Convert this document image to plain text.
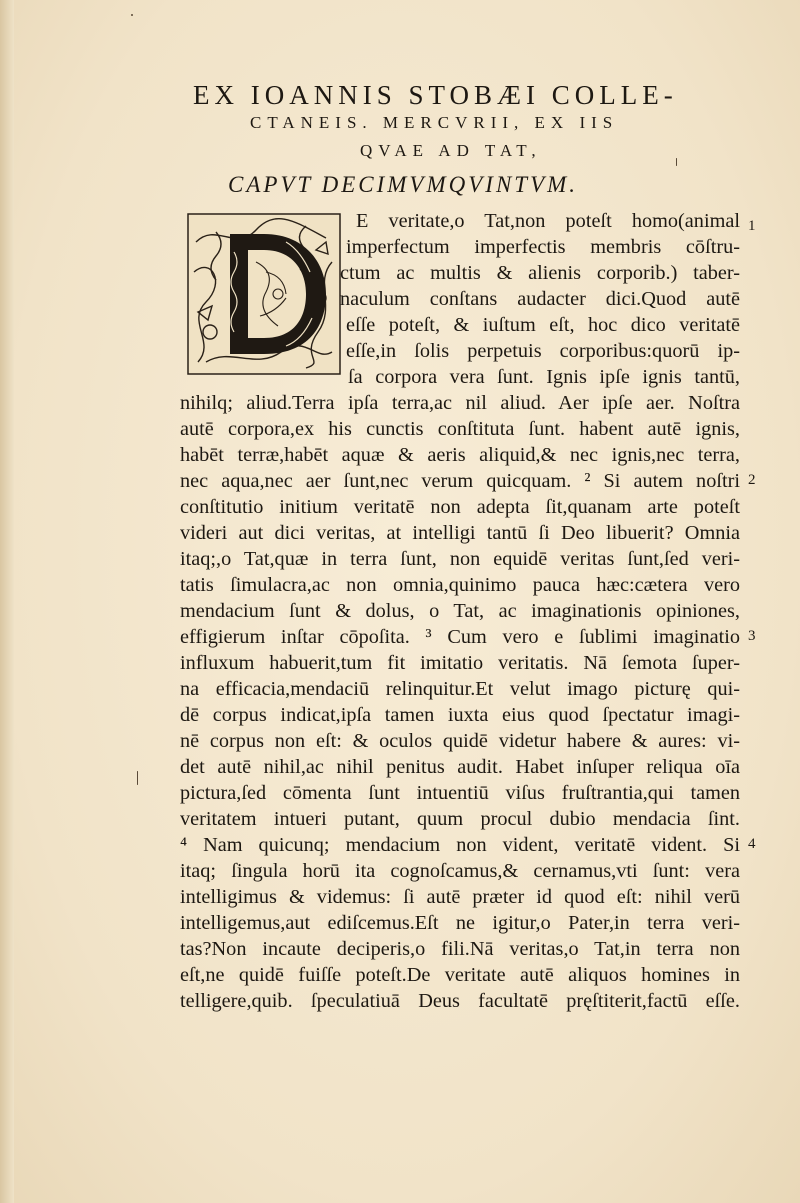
EX IOANNIS STOBÆI COLLE-
CTANEIS. MERCVRII, EX IIS
QVAE AD TAT,
CAPVT DECIMVMQVINTVM.
E veritate,o Tat,non poteſt homo(animal
imperfectum imperfectis membris cōſtru-
ctum ac multis & alienis corporib.) taber-
naculum conſtans audacter dici.Quod autē
eſſe poteſt, & iuſtum eſt, hoc dico veritatē
eſſe,in ſolis perpetuis corporibus:quorū ip-
ſa corpora vera ſunt. Ignis ipſe ignis tantū,
nihilq; aliud.Terra ipſa terra,ac nil aliud. Aer ipſe aer. Noſtra
autē corpora,ex his cunctis conſtituta ſunt. habent autē ignis,
habēt terræ,habēt aquæ & aeris aliquid,& nec ignis,nec terra,
nec aqua,nec aer ſunt,nec verum quicquam. ² Si autem noſtri
conſtitutio initium veritatē non adepta ſit,quanam arte poteſt
videri aut dici veritas, at intelligi tantū ſi Deo libuerit? Omnia
itaq;,o Tat,quæ in terra ſunt, non equidē veritas ſunt,ſed veri-
tatis ſimulacra,ac non omnia,quinimo pauca hæc:cætera vero
mendacium ſunt & dolus, o Tat, ac imaginationis opiniones,
effigierum inſtar cōpoſita. ³ Cum vero e ſublimi imaginatio
influxum habuerit,tum fit imitatio veritatis. Nā ſemota ſuper-
na efficacia,mendaciū relinquitur.Et velut imago picturę qui-
dē corpus indicat,ipſa tamen iuxta eius quod ſpectatur imagi-
nē corpus non eſt: & oculos quidē videtur habere & aures: vi-
det autē nihil,ac nihil penitus audit. Habet inſuper reliqua oīa
pictura,ſed cōmenta ſunt intuentiū viſus fruſtrantia,qui tamen
veritatem intueri putant, quum procul dubio mendacia ſint.
⁴ Nam quicunq; mendacium non vident, veritatē vident. Si
itaq; ſingula horū ita cognoſcamus,& cernamus,vti ſunt: vera
intelligimus & videmus: ſi autē præter id quod eſt: nihil verū
intelligemus,aut ediſcemus.Eſt ne igitur,o Pater,in terra veri-
tas?Non incaute deciperis,o fili.Nā veritas,o Tat,in terra non
eſt,ne quidē fuiſſe poteſt.De veritate autē aliquos homines in
telligere,quib. ſpeculatiuā Deus facultatē pręſtiterit,factū eſſe.
1
2
3
4
